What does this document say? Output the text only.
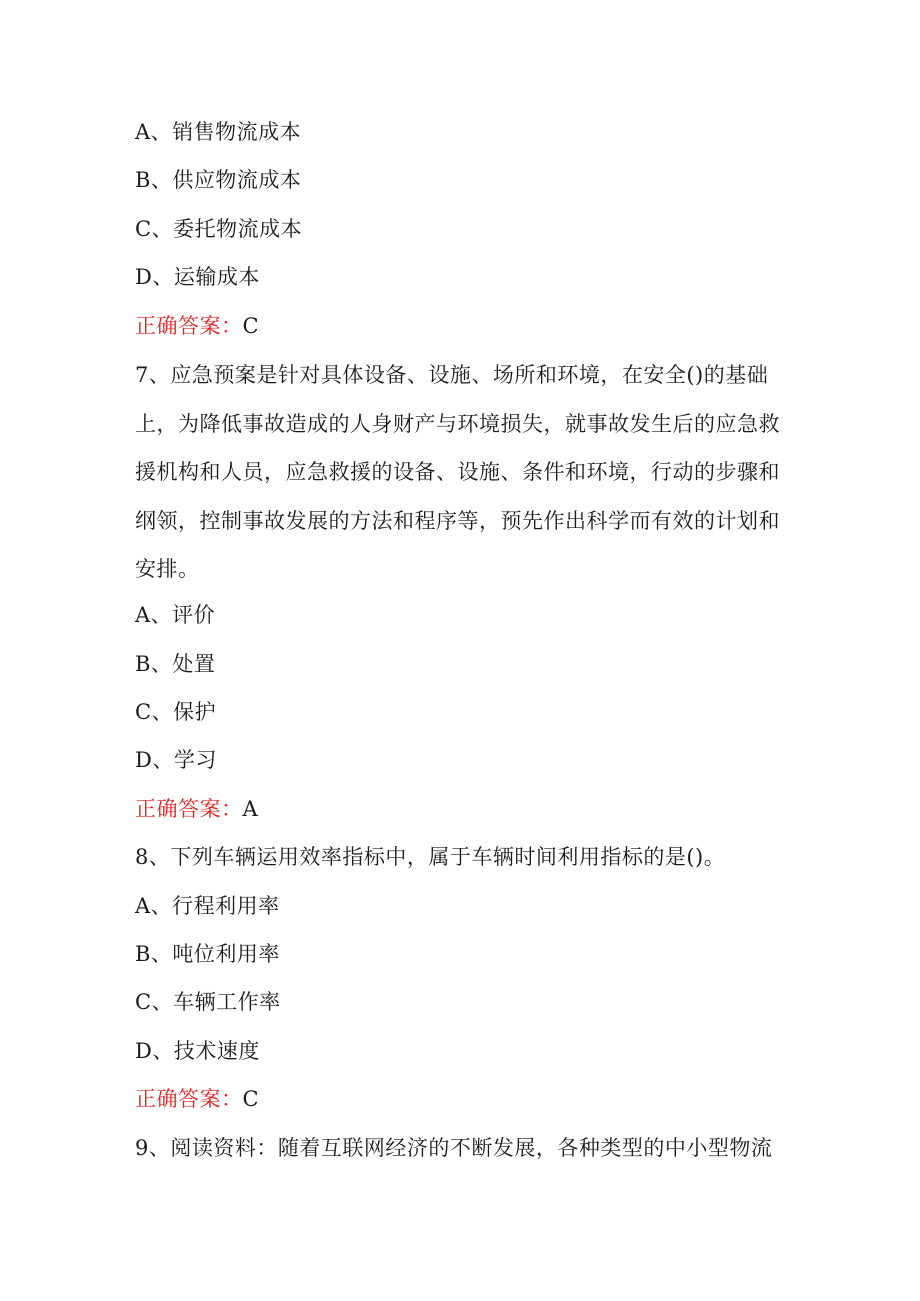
A、销售物流成本
B、供应物流成本
C、委托物流成本
D、运输成本
正确答案：C
7、应急预案是针对具体设备、设施、场所和环境，在安全()的基础上，为降低事故造成的人身财产与环境损失，就事故发生后的应急救援机构和人员，应急救援的设备、设施、条件和环境，行动的步骤和纲领，控制事故发展的方法和程序等，预先作出科学而有效的计划和安排。
A、评价
B、处置
C、保护
D、学习
正确答案：A
8、下列车辆运用效率指标中，属于车辆时间利用指标的是()。
A、行程利用率
B、吨位利用率
C、车辆工作率
D、技术速度
正确答案：C
9、阅读资料：随着互联网经济的不断发展，各种类型的中小型物流
